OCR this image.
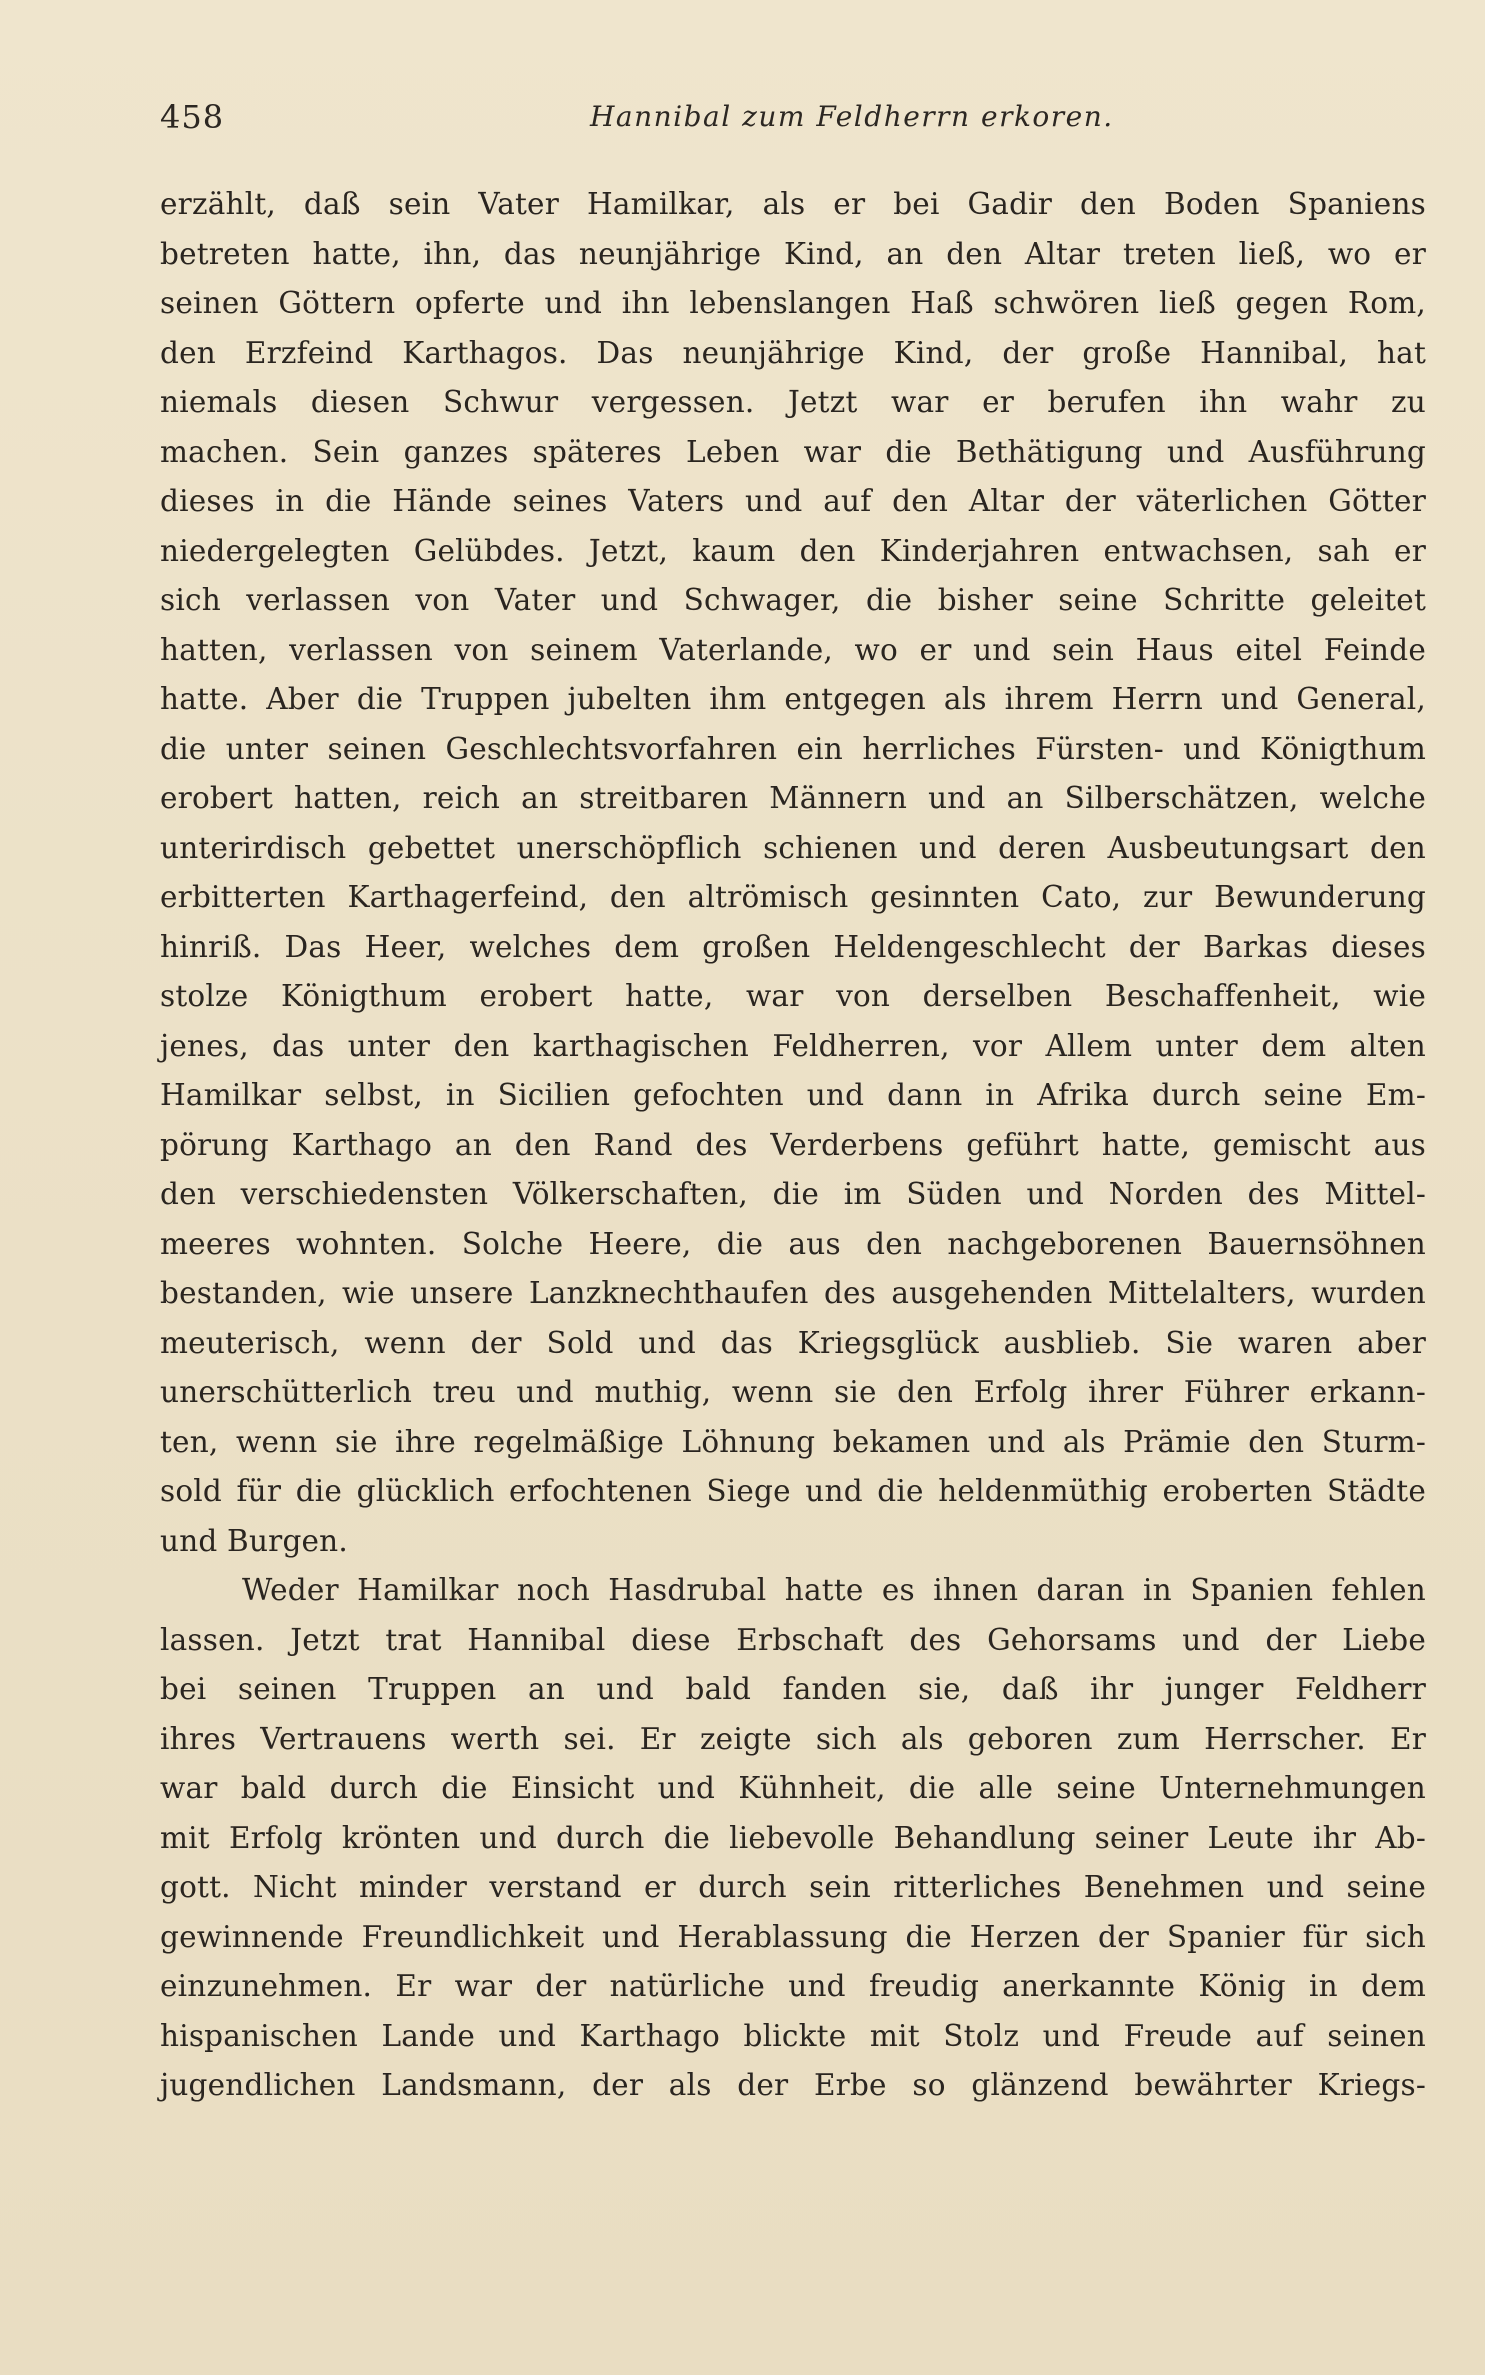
458	Hannibal zum Feldherrn erkoren.

erzählt, daß sein Vater Hamilkar, als er bei Gadir den Boden Spaniens
betreten hatte, ihn, das neunjährige Kind, an den Altar treten ließ, wo er
seinen Göttern opferte und ihn lebenslangen Haß schwören ließ gegen Rom,
den Erzfeind Karthagos. Das neunjährige Kind, der große Hannibal, hat
niemals diesen Schwur vergessen. Jetzt war er berufen ihn wahr zu
machen. Sein ganzes späteres Leben war die Bethätigung und Ausführung
dieses in die Hände seines Vaters und auf den Altar der väterlichen Götter
niedergelegten Gelübdes. Jetzt, kaum den Kinderjahren entwachsen, sah er
sich verlassen von Vater und Schwager, die bisher seine Schritte geleitet
hatten, verlassen von seinem Vaterlande, wo er und sein Haus eitel Feinde
hatte. Aber die Truppen jubelten ihm entgegen als ihrem Herrn und General,
die unter seinen Geschlechtsvorfahren ein herrliches Fürsten- und Königthum
erobert hatten, reich an streitbaren Männern und an Silberschätzen, welche
unterirdisch gebettet unerschöpflich schienen und deren Ausbeutungsart den
erbitterten Karthagerfeind, den altrömisch gesinnten Cato, zur Bewunderung
hinriß. Das Heer, welches dem großen Heldengeschlecht der Barkas dieses
stolze Königthum erobert hatte, war von derselben Beschaffenheit, wie
jenes, das unter den karthagischen Feldherren, vor Allem unter dem alten
Hamilkar selbst, in Sicilien gefochten und dann in Afrika durch seine Em-
pörung Karthago an den Rand des Verderbens geführt hatte, gemischt aus
den verschiedensten Völkerschaften, die im Süden und Norden des Mittel-
meeres wohnten. Solche Heere, die aus den nachgeborenen Bauernsöhnen
bestanden, wie unsere Lanzknechthaufen des ausgehenden Mittelalters, wurden
meuterisch, wenn der Sold und das Kriegsglück ausblieb. Sie waren aber
unerschütterlich treu und muthig, wenn sie den Erfolg ihrer Führer erkann-
ten, wenn sie ihre regelmäßige Löhnung bekamen und als Prämie den Sturm-
sold für die glücklich erfochtenen Siege und die heldenmüthig eroberten Städte
und Burgen.

Weder Hamilkar noch Hasdrubal hatte es ihnen daran in Spanien fehlen
lassen. Jetzt trat Hannibal diese Erbschaft des Gehorsams und der Liebe
bei seinen Truppen an und bald fanden sie, daß ihr junger Feldherr
ihres Vertrauens werth sei. Er zeigte sich als geboren zum Herrscher. Er
war bald durch die Einsicht und Kühnheit, die alle seine Unternehmungen
mit Erfolg krönten und durch die liebevolle Behandlung seiner Leute ihr Ab-
gott. Nicht minder verstand er durch sein ritterliches Benehmen und seine
gewinnende Freundlichkeit und Herablassung die Herzen der Spanier für sich
einzunehmen. Er war der natürliche und freudig anerkannte König in dem
hispanischen Lande und Karthago blickte mit Stolz und Freude auf seinen
jugendlichen Landsmann, der als der Erbe so glänzend bewährter Kriegs-
